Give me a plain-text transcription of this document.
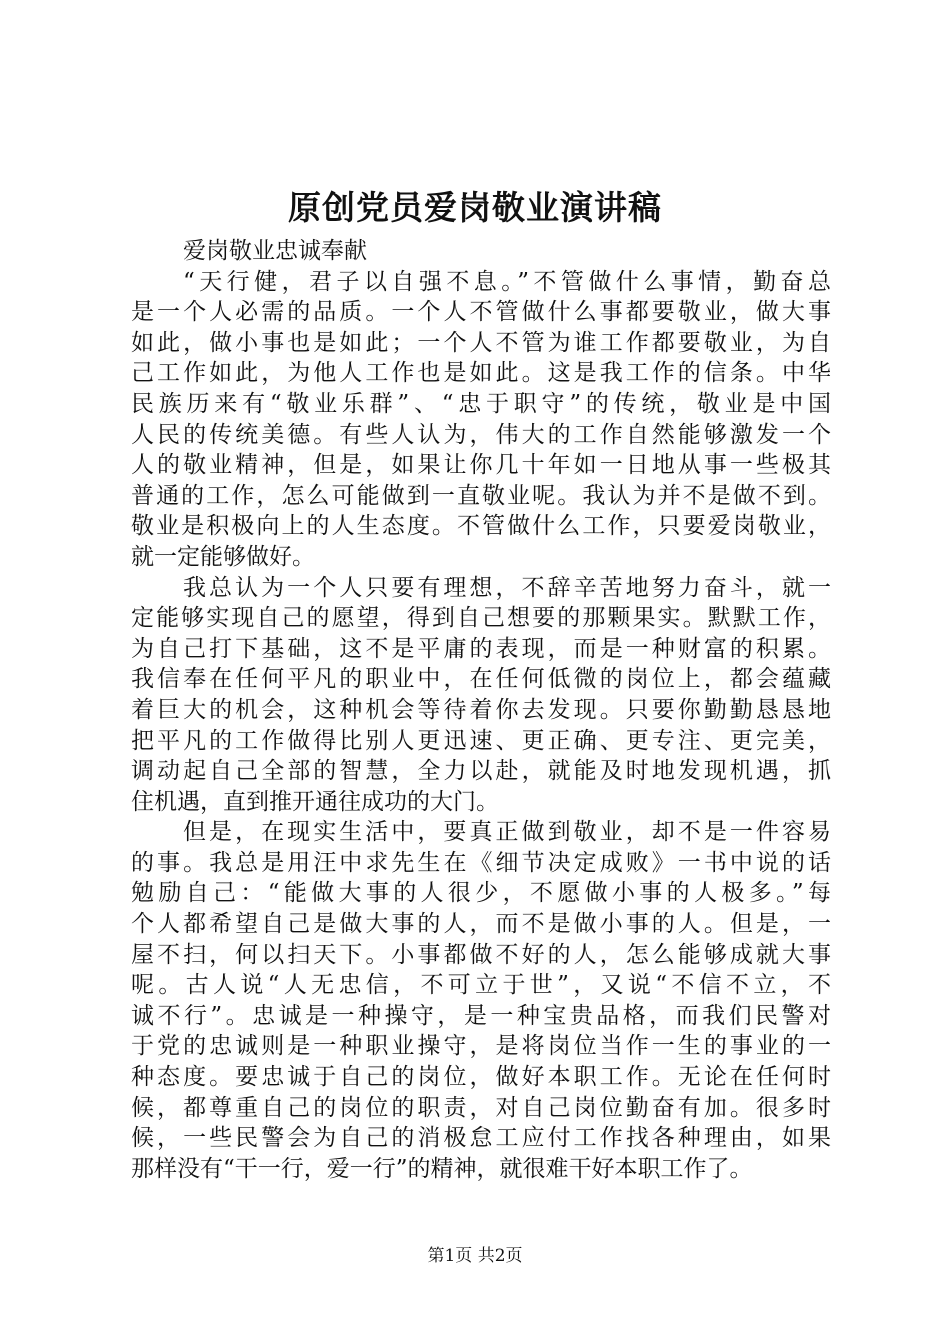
原创党员爱岗敬业演讲稿
爱岗敬业忠诚奉献
“天行健，君子以自强不息。”不管做什么事情，勤奋总
是一个人必需的品质。一个人不管做什么事都要敬业，做大事
如此，做小事也是如此；一个人不管为谁工作都要敬业，为自
己工作如此，为他人工作也是如此。这是我工作的信条。中华
民族历来有“敬业乐群”、“忠于职守”的传统，敬业是中国
人民的传统美德。有些人认为，伟大的工作自然能够激发一个
人的敬业精神，但是，如果让你几十年如一日地从事一些极其
普通的工作，怎么可能做到一直敬业呢。我认为并不是做不到。
敬业是积极向上的人生态度。不管做什么工作，只要爱岗敬业，
就一定能够做好。
我总认为一个人只要有理想，不辞辛苦地努力奋斗，就一
定能够实现自己的愿望，得到自己想要的那颗果实。默默工作，
为自己打下基础，这不是平庸的表现，而是一种财富的积累。
我信奉在任何平凡的职业中，在任何低微的岗位上，都会蕴藏
着巨大的机会，这种机会等待着你去发现。只要你勤勤恳恳地
把平凡的工作做得比别人更迅速、更正确、更专注、更完美，
调动起自己全部的智慧，全力以赴，就能及时地发现机遇，抓
住机遇，直到推开通往成功的大门。
但是，在现实生活中，要真正做到敬业，却不是一件容易
的事。我总是用汪中求先生在《细节决定成败》一书中说的话
勉励自己：“能做大事的人很少，不愿做小事的人极多。”每
个人都希望自己是做大事的人，而不是做小事的人。但是，一
屋不扫，何以扫天下。小事都做不好的人，怎么能够成就大事
呢。古人说“人无忠信，不可立于世”，又说“不信不立，不
诚不行”。忠诚是一种操守，是一种宝贵品格，而我们民警对
于党的忠诚则是一种职业操守，是将岗位当作一生的事业的一
种态度。要忠诚于自己的岗位，做好本职工作。无论在任何时
候，都尊重自己的岗位的职责，对自己岗位勤奋有加。很多时
候，一些民警会为自己的消极怠工应付工作找各种理由，如果
那样没有“干一行，爱一行”的精神，就很难干好本职工作了。
第1页 共2页
